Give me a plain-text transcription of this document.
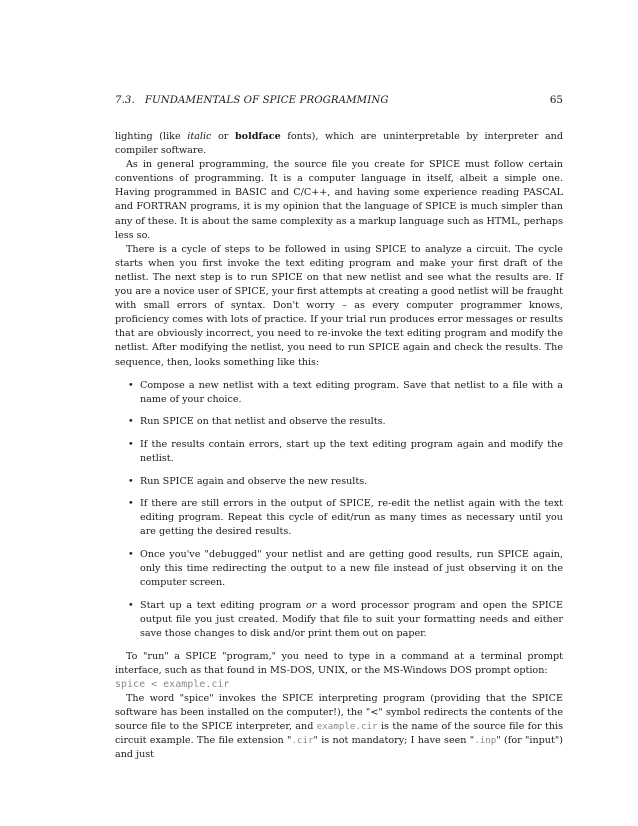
7.3. FUNDAMENTALS OF SPICE PROGRAMMING	65

lighting (like italic or boldface fonts), which are uninterpretable by interpreter and compiler software.

As in general programming, the source file you create for SPICE must follow certain conventions of programming. It is a computer language in itself, albeit a simple one. Having programmed in BASIC and C/C++, and having some experience reading PASCAL and FORTRAN programs, it is my opinion that the language of SPICE is much simpler than any of these. It is about the same complexity as a markup language such as HTML, perhaps less so.

There is a cycle of steps to be followed in using SPICE to analyze a circuit. The cycle starts when you first invoke the text editing program and make your first draft of the netlist. The next step is to run SPICE on that new netlist and see what the results are. If you are a novice user of SPICE, your first attempts at creating a good netlist will be fraught with small errors of syntax. Don't worry – as every computer programmer knows, proficiency comes with lots of practice. If your trial run produces error messages or results that are obviously incorrect, you need to re-invoke the text editing program and modify the netlist. After modifying the netlist, you need to run SPICE again and check the results. The sequence, then, looks something like this:

• Compose a new netlist with a text editing program. Save that netlist to a file with a name of your choice.
• Run SPICE on that netlist and observe the results.
• If the results contain errors, start up the text editing program again and modify the netlist.
• Run SPICE again and observe the new results.
• If there are still errors in the output of SPICE, re-edit the netlist again with the text editing program. Repeat this cycle of edit/run as many times as necessary until you are getting the desired results.
• Once you've "debugged" your netlist and are getting good results, run SPICE again, only this time redirecting the output to a new file instead of just observing it on the computer screen.
• Start up a text editing program or a word processor program and open the SPICE output file you just created. Modify that file to suit your formatting needs and either save those changes to disk and/or print them out on paper.

To "run" a SPICE "program," you need to type in a command at a terminal prompt interface, such as that found in MS-DOS, UNIX, or the MS-Windows DOS prompt option:

spice < example.cir

The word "spice" invokes the SPICE interpreting program (providing that the SPICE software has been installed on the computer!), the "<" symbol redirects the contents of the source file to the SPICE interpreter, and example.cir is the name of the source file for this circuit example. The file extension ".cir" is not mandatory; I have seen ".inp" (for "input") and just
